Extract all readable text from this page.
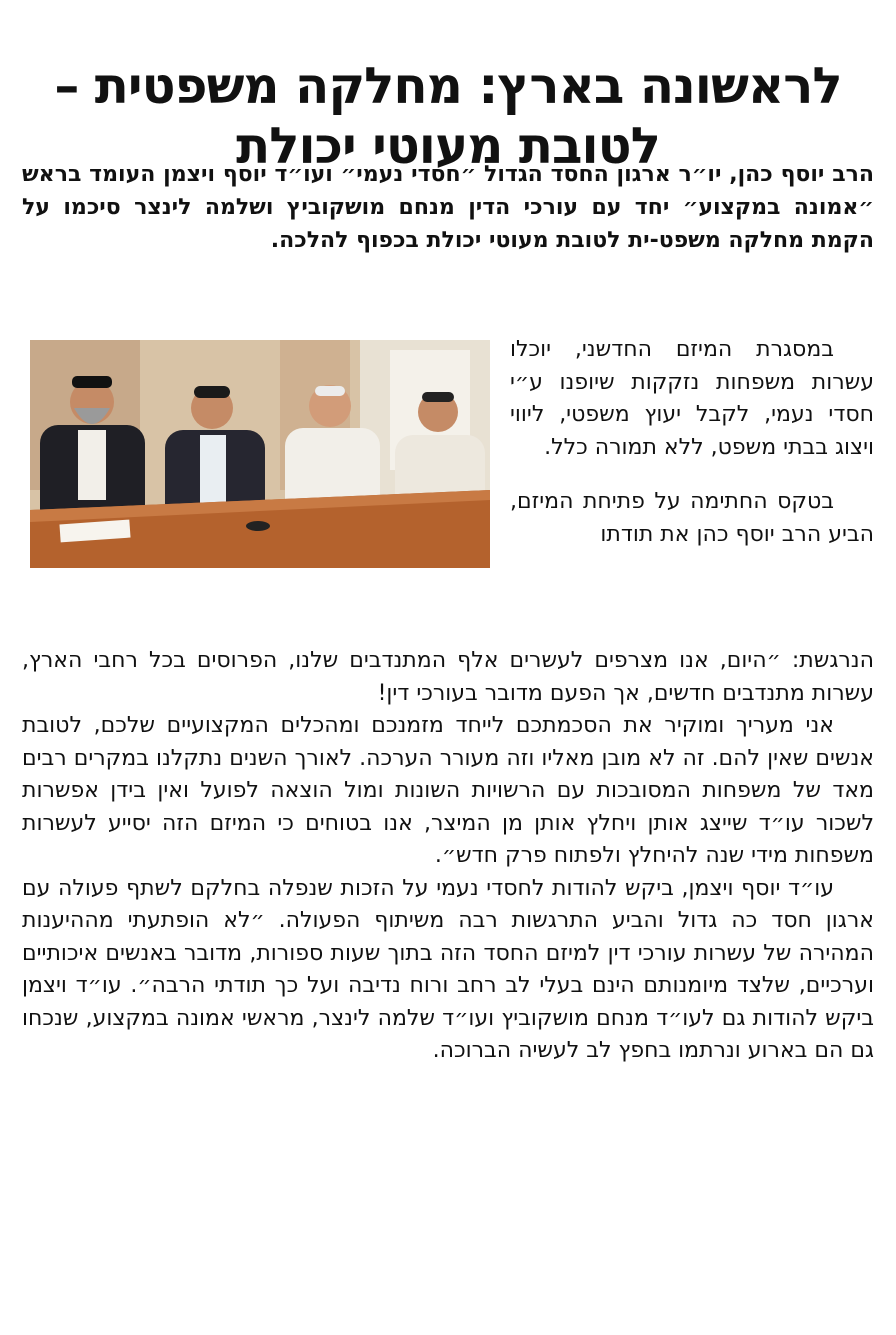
לראשונה בארץ: מחלקה משפטית –
לטובת מעוטי יכולת
הרב יוסף כהן, יו״ר ארגון החסד הגדול ״חסדי נעמי״ ועו״ד יוסף ויצמן העומד בראש ״אמונה במקצוע״ יחד עם עורכי הדין מנחם מושקוביץ ושלמה לינצר סיכמו על הקמת מחלקה משפט-ית לטובת מעוטי יכולת בכפוף להלכה.

במסגרת המיזם החדשני, יוכלו עשרות משפחות נזקקות שיופנו ע״י חסדי נעמי, לקבל יעוץ משפטי, ליווי ויצוג בבתי משפט, ללא תמורה כלל.

בטקס החתימה על פתיחת המיזם, הביע הרב יוסף כהן את תודתו

הנרגשת: ״היום, אנו מצרפים לעשרים אלף המתנדבים שלנו, הפרוסים בכל רחבי הארץ, עשרות מתנדבים חדשים, אך הפעם מדובר בעורכי דין!

אני מעריך ומוקיר את הסכמתכם לייחד מזמנכם ומהכלים המקצועיים שלכם, לטובת אנשים שאין להם. זה לא מובן מאליו וזה מעורר הערכה. לאורך השנים נתקלנו במקרים רבים מאד של משפחות המסובכות עם הרשויות השונות ומול הוצאה לפועל ואין בידן אפשרות לשכור עו״ד שייצג אותן ויחלץ אותן מן המיצר, אנו בטוחים כי המיזם הזה יסייע לעשרות משפחות מידי שנה להיחלץ ולפתוח פרק חדש״.

עו״ד יוסף ויצמן, ביקש להודות לחסדי נעמי על הזכות שנפלה בחלקם לשתף פעולה עם ארגון חסד כה גדול והביע התרגשות רבה משיתוף הפעולה. ״לא הופתעתי מההיענות המהירה של עשרות עורכי דין למיזם החסד הזה בתוך שעות ספורות, מדובר באנשים איכותיים וערכיים, שלצד מיומנותם הינם בעלי לב רחב ורוח נדיבה ועל כך תודתי הרבה״. עו״ד ויצמן ביקש להודות גם לעו״ד מנחם מושקוביץ ועו״ד שלמה לינצר, מראשי אמונה במקצוע, שנכחו גם הם בארוע ונרתמו בחפץ לב לעשיה הברוכה.
